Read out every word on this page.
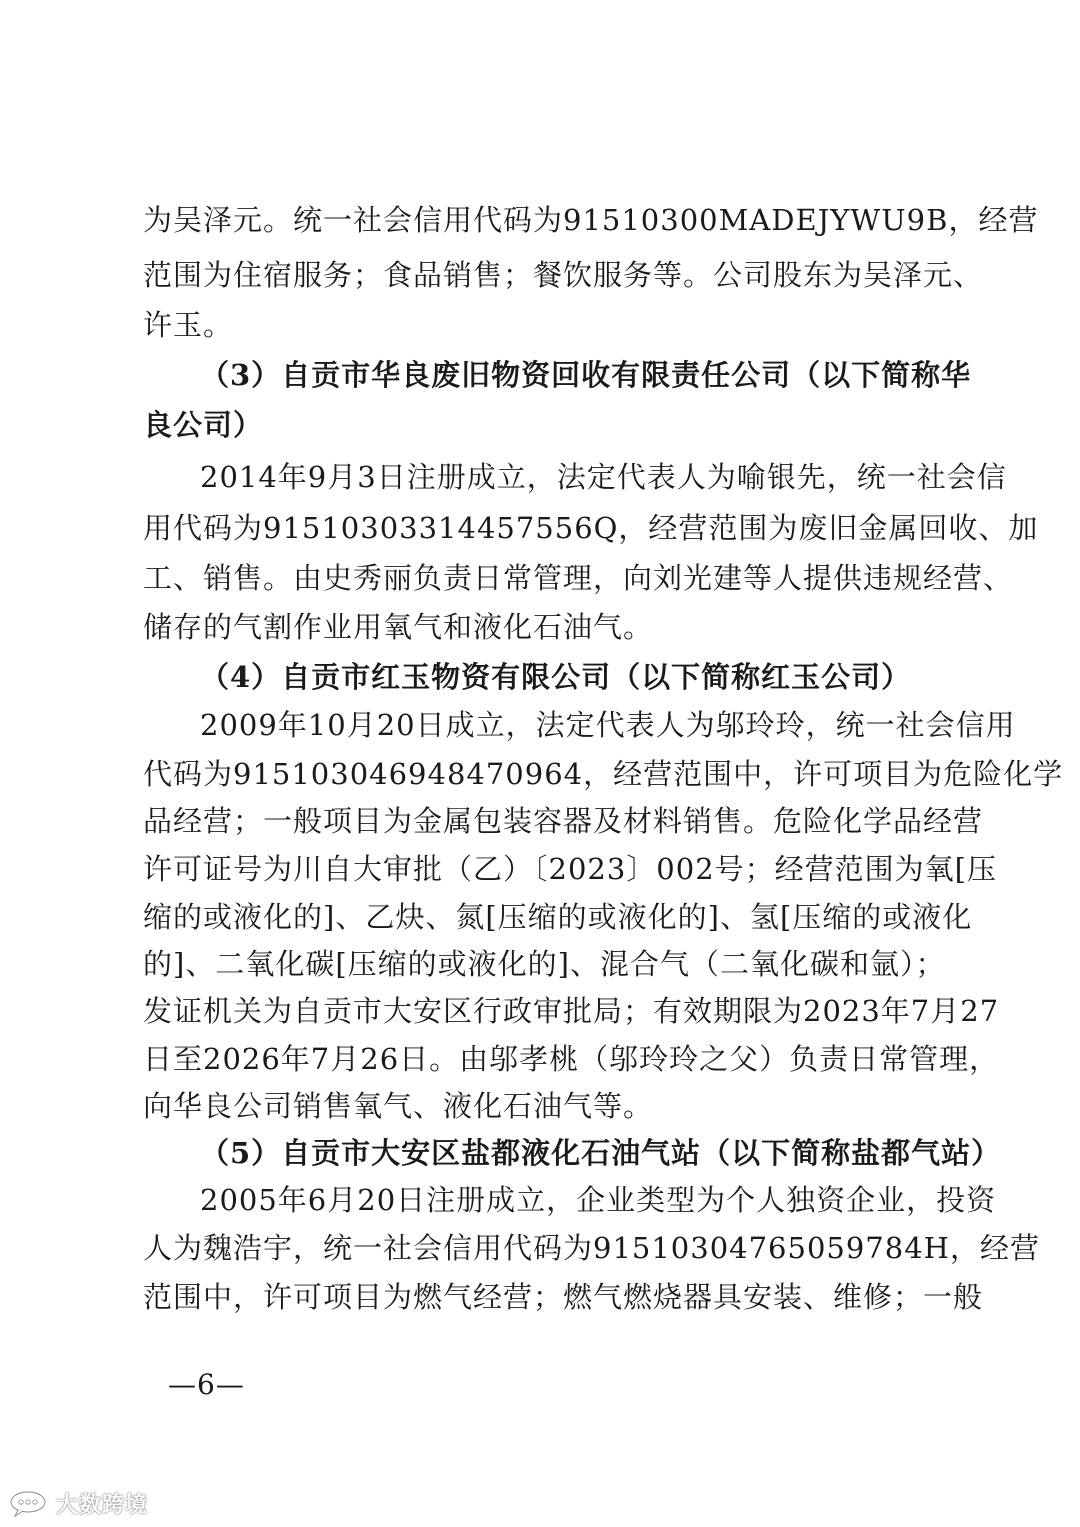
为吴泽元。统一社会信用代码为91510300MADEJYWU9B，经营
范围为住宿服务；食品销售；餐饮服务等。公司股东为吴泽元、
许玉。
（3）自贡市华良废旧物资回收有限责任公司（以下简称华
良公司）
2014年9月3日注册成立，法定代表人为喻银先，统一社会信
用代码为91510303314457556Q，经营范围为废旧金属回收、加
工、销售。由史秀丽负责日常管理，向刘光建等人提供违规经营、
储存的气割作业用氧气和液化石油气。
（4）自贡市红玉物资有限公司（以下简称红玉公司）
2009年10月20日成立，法定代表人为邬玲玲，统一社会信用
代码为915103046948470964，经营范围中，许可项目为危险化学
品经营；一般项目为金属包装容器及材料销售。危险化学品经营
许可证号为川自大审批（乙）〔2023〕002号；经营范围为氧[压
缩的或液化的]、乙炔、氮[压缩的或液化的]、氢[压缩的或液化
的]、二氧化碳[压缩的或液化的]、混合气（二氧化碳和氩）；
发证机关为自贡市大安区行政审批局；有效期限为2023年7月27
日至2026年7月26日。由邬孝桃（邬玲玲之父）负责日常管理，
向华良公司销售氧气、液化石油气等。
（5）自贡市大安区盐都液化石油气站（以下简称盐都气站）
2005年6月20日注册成立，企业类型为个人独资企业，投资
人为魏浩宇，统一社会信用代码为91510304765059784H，经营
范围中，许可项目为燃气经营；燃气燃烧器具安装、维修；一般
—6—
大数跨境
